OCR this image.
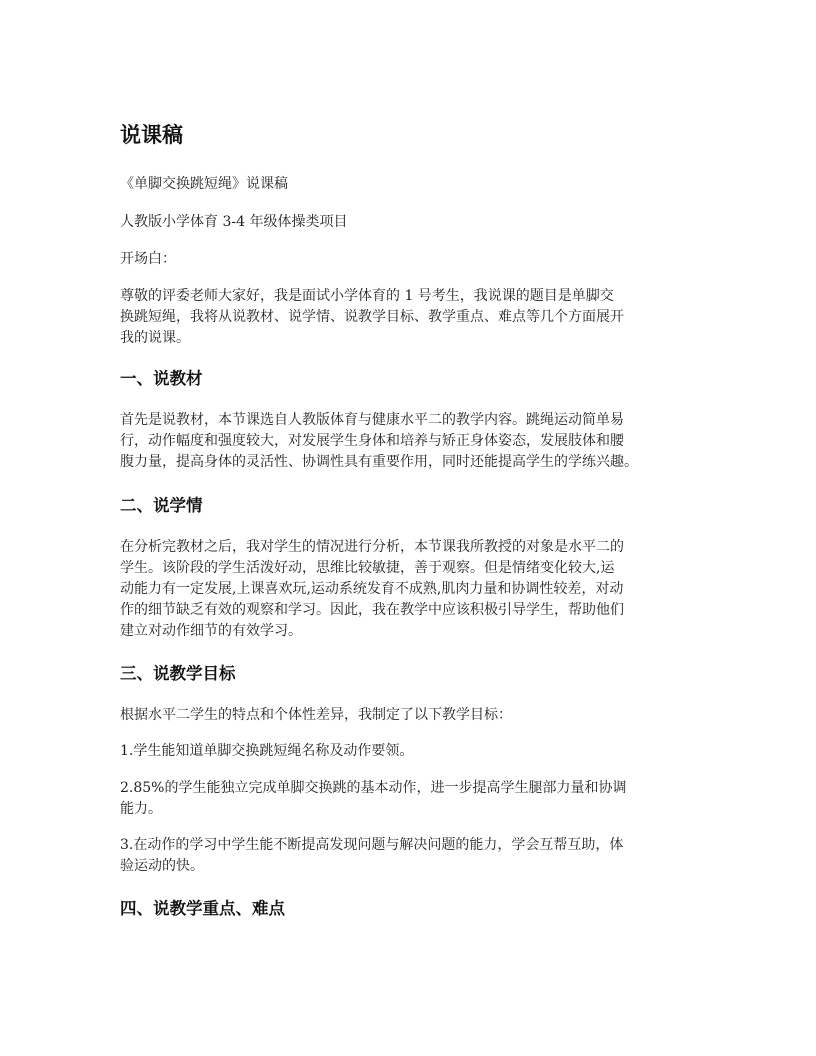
说课稿

《单脚交换跳短绳》说课稿

人教版小学体育 3-4 年级体操类项目

开场白：

尊敬的评委老师大家好，我是面试小学体育的 1 号考生，我说课的题目是单脚交
换跳短绳，我将从说教材、说学情、说教学目标、教学重点、难点等几个方面展开
我的说课。

一、说教材

首先是说教材，本节课选自人教版体育与健康水平二的教学内容。跳绳运动简单易
行，动作幅度和强度较大，对发展学生身体和培养与矫正身体姿态，发展肢体和腰
腹力量，提高身体的灵活性、协调性具有重要作用，同时还能提高学生的学练兴趣。

二、说学情

在分析完教材之后，我对学生的情况进行分析，本节课我所教授的对象是水平二的
学生。该阶段的学生活泼好动，思维比较敏捷，善于观察。但是情绪变化较大,运
动能力有一定发展,上课喜欢玩,运动系统发育不成熟,肌肉力量和协调性较差，对动
作的细节缺乏有效的观察和学习。因此，我在教学中应该积极引导学生，帮助他们
建立对动作细节的有效学习。

三、说教学目标

根据水平二学生的特点和个体性差异，我制定了以下教学目标：

1.学生能知道单脚交换跳短绳名称及动作要领。

2.85%的学生能独立完成单脚交换跳的基本动作，进一步提高学生腿部力量和协调
能力。

3.在动作的学习中学生能不断提高发现问题与解决问题的能力，学会互帮互助，体
验运动的快。

四、说教学重点、难点
